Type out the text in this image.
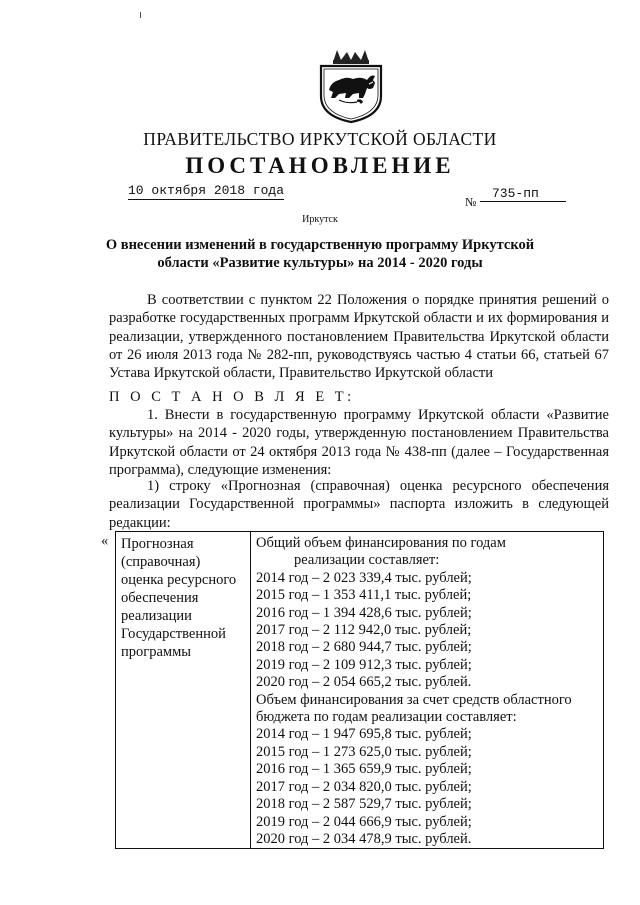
ПРАВИТЕЛЬСТВО ИРКУТСКОЙ ОБЛАСТИ
ПОСТАНОВЛЕНИЕ
10 октября 2018 года
№
735-пп
Иркутск
О внесении изменений в государственную программу Иркутской области «Развитие культуры» на 2014 - 2020 годы
В соответствии с пунктом 22 Положения о порядке принятия решений о разработке государственных программ Иркутской области и их формирования и реализации, утвержденного постановлением Правительства Иркутской области от 26 июля 2013 года № 282-пп, руководствуясь частью 4 статьи 66, статьей 67 Устава Иркутской области, Правительство Иркутской области
П О С Т А Н О В Л Я Е Т:
1. Внести в государственную программу Иркутской области «Развитие культуры» на 2014 - 2020 годы, утвержденную постановлением Правительства Иркутской области от 24 октября 2013 года № 438-пп (далее – Государственная программа), следующие изменения:
1) строку «Прогнозная (справочная) оценка ресурсного обеспечения реализации Государственной программы» паспорта изложить в следующей редакции:
« Прогнозная
(справочная)
оценка ресурсного
обеспечения
реализации
Государственной
программы
Общий объем финансирования по годам
реализации составляет:
2014 год – 2 023 339,4 тыс. рублей;
2015 год – 1 353 411,1 тыс. рублей;
2016 год – 1 394 428,6 тыс. рублей;
2017 год – 2 112 942,0 тыс. рублей;
2018 год – 2 680 944,7 тыс. рублей;
2019 год – 2 109 912,3 тыс. рублей;
2020 год – 2 054 665,2 тыс. рублей.
Объем финансирования за счет средств областного
бюджета по годам реализации составляет:
2014 год – 1 947 695,8 тыс. рублей;
2015 год – 1 273 625,0 тыс. рублей;
2016 год – 1 365 659,9 тыс. рублей;
2017 год – 2 034 820,0 тыс. рублей;
2018 год – 2 587 529,7 тыс. рублей;
2019 год – 2 044 666,9 тыс. рублей;
2020 год – 2 034 478,9 тыс. рублей.
